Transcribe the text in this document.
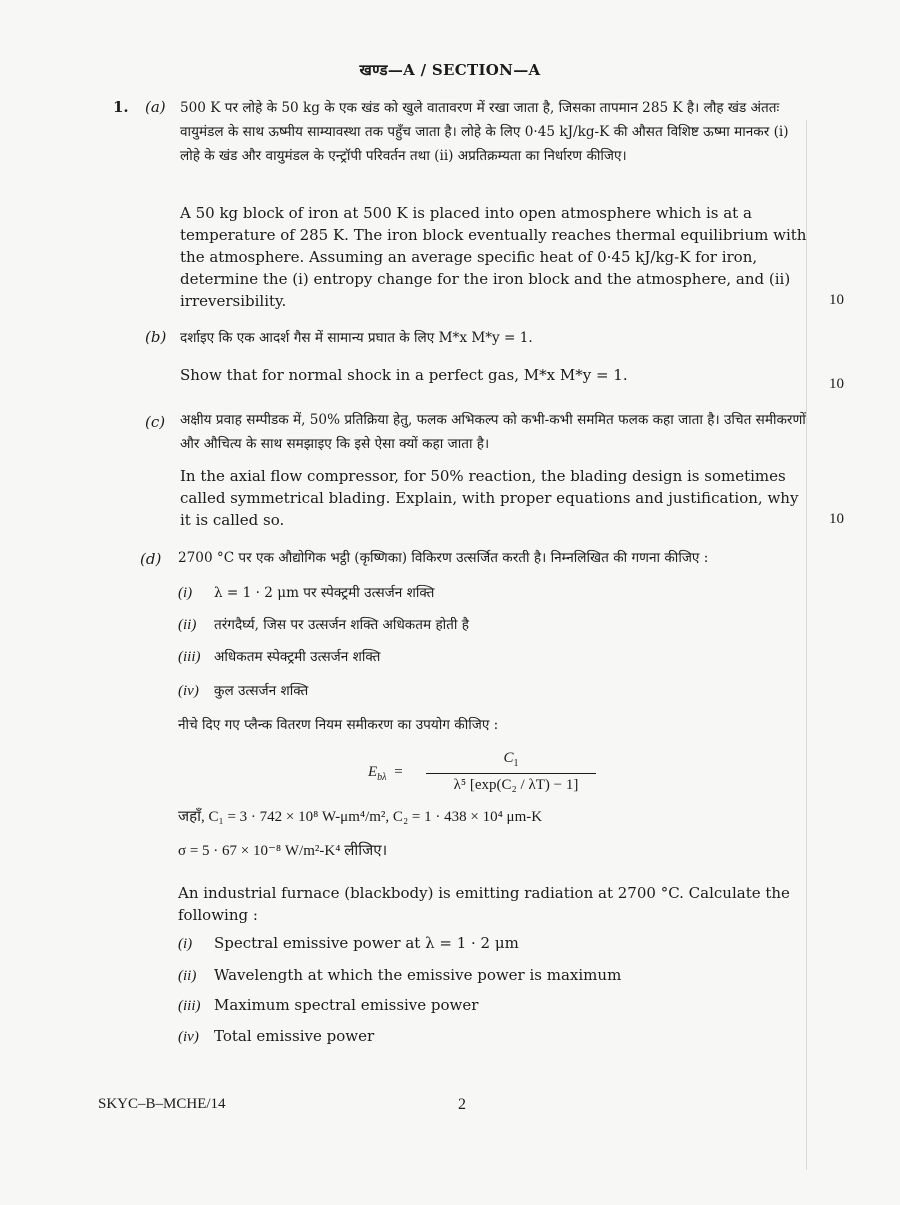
खण्ड—A / SECTION—A
1. (a) 500 K पर लोहे के 50 kg के एक खंड को खुले वातावरण में रखा जाता है, जिसका तापमान 285 K है। लौह खंड अंततः वायुमंडल के साथ ऊष्मीय साम्यावस्था तक पहुँच जाता है। लोहे के लिए 0·45 kJ/kg-K की औसत विशिष्ट ऊष्मा मानकर (i) लोहे के खंड और वायुमंडल के एन्ट्रॉपी परिवर्तन तथा (ii) अप्रतिक्रम्यता का निर्धारण कीजिए।
A 50 kg block of iron at 500 K is placed into open atmosphere which is at a temperature of 285 K. The iron block eventually reaches thermal equilibrium with the atmosphere. Assuming an average specific heat of 0·45 kJ/kg-K for iron, determine the (i) entropy change for the iron block and the atmosphere, and (ii) irreversibility.	10
(b) दर्शाइए कि एक आदर्श गैस में सामान्य प्रघात के लिए M*x M*y = 1.
Show that for normal shock in a perfect gas, M*x M*y = 1.	10
(c) अक्षीय प्रवाह सम्पीडक में, 50% प्रतिक्रिया हेतु, फलक अभिकल्प को कभी-कभी सममित फलक कहा जाता है। उचित समीकरणों और औचित्य के साथ समझाइए कि इसे ऐसा क्यों कहा जाता है।
In the axial flow compressor, for 50% reaction, the blading design is sometimes called symmetrical blading. Explain, with proper equations and justification, why it is called so.	10
(d) 2700 °C पर एक औद्योगिक भट्ठी (कृष्णिका) विकिरण उत्सर्जित करती है। निम्नलिखित की गणना कीजिए :
(i) λ = 1 · 2 μm पर स्पेक्ट्रमी उत्सर्जन शक्ति
(ii) तरंगदैर्घ्य, जिस पर उत्सर्जन शक्ति अधिकतम होती है
(iii) अधिकतम स्पेक्ट्रमी उत्सर्जन शक्ति
(iv) कुल उत्सर्जन शक्ति
नीचे दिए गए प्लैन्क वितरण नियम समीकरण का उपयोग कीजिए :
$E_{b\lambda}$ =
$C_1$
λ⁵ [exp(C₂ / λT) − 1]
जहाँ, C₁ = 3 · 742 × 10⁸ W-μm⁴/m², C₂ = 1 · 438 × 10⁴ μm-K
σ = 5 · 67 × 10⁻⁸ W/m²-K⁴ लीजिए।
An industrial furnace (blackbody) is emitting radiation at 2700 °C. Calculate the following :
(i) Spectral emissive power at λ = 1 · 2 μm
(ii) Wavelength at which the emissive power is maximum
(iii) Maximum spectral emissive power
(iv) Total emissive power
SKYC–B–MCHE/14	2
